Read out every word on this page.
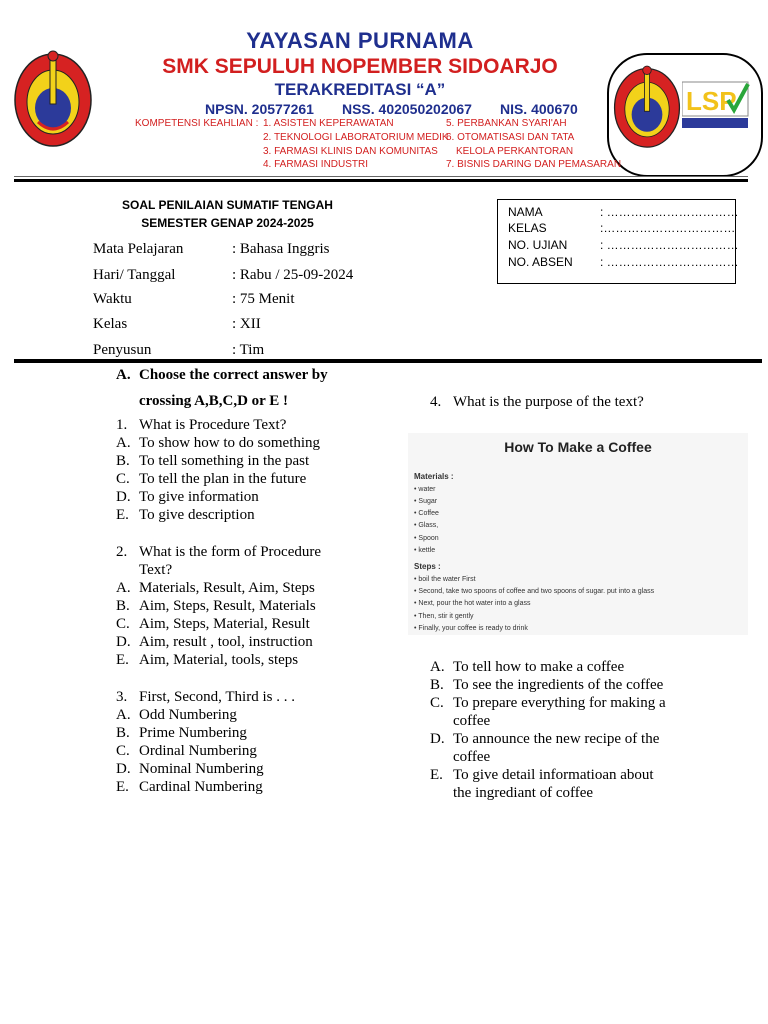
LSP
YAYASAN PURNAMA
SMK SEPULUH NOPEMBER SIDOARJO
TERAKREDITASI “A”
NPSN. 20577261 NSS. 402050202067 NIS. 400670
KOMPETENSI KEAHLIAN : 1. ASISTEN KEPERAWATAN
2. TEKNOLOGI LABORATORIUM MEDIK
3. FARMASI KLINIS DAN KOMUNITAS
4. FARMASI INDUSTRI
5. PERBANKAN SYARI'AH
6. OTOMATISASI DAN TATA
KELOLA PERKANTORAN
7. BISNIS DARING DAN PEMASARAN
SOAL PENILAIAN SUMATIF TENGAH
SEMESTER GENAP 2024-2025
NAMA	: ……………………………
KELAS	:……………………………
NO. UJIAN	: ……………………………
NO. ABSEN : ……………………………
Mata Pelajaran	: Bahasa Inggris
Hari/ Tanggal	: Rabu / 25-09-2024
Waktu	: 75 Menit
Kelas	: XII
Penyusun	: Tim
A. Choose the correct answer by
crossing A,B,C,D or E !
1. What is Procedure Text?
A. To show how to do something
B. To tell something in the past
C. To tell the plan in the future
D. To give information
E. To give description
2. What is the form of Procedure
Text?
A. Materials, Result, Aim, Steps
B. Aim, Steps, Result, Materials
C. Aim, Steps, Material, Result
D. Aim, result , tool, instruction
E. Aim, Material, tools, steps
3. First, Second, Third is . . .
A. Odd Numbering
B. Prime Numbering
C. Ordinal Numbering
D. Nominal Numbering
E. Cardinal Numbering
4. What is the purpose of the text?
How To Make a Coffee
Materials :
• water
• Sugar
• Coffee
• Glass,
• Spoon
• kettle
Steps :
• boil the water First
• Second, take two spoons of coffee and two spoons of sugar. put into a glass
• Next, pour the hot water into a glass
• Then, stir it gently
• Finally, your coffee is ready to drink
A. To tell how to make a coffee
B. To see the ingredients of the coffee
C. To prepare everything for making a
coffee
D. To announce the new recipe of the
coffee
E. To give detail informatioan about
the ingrediant of coffee
